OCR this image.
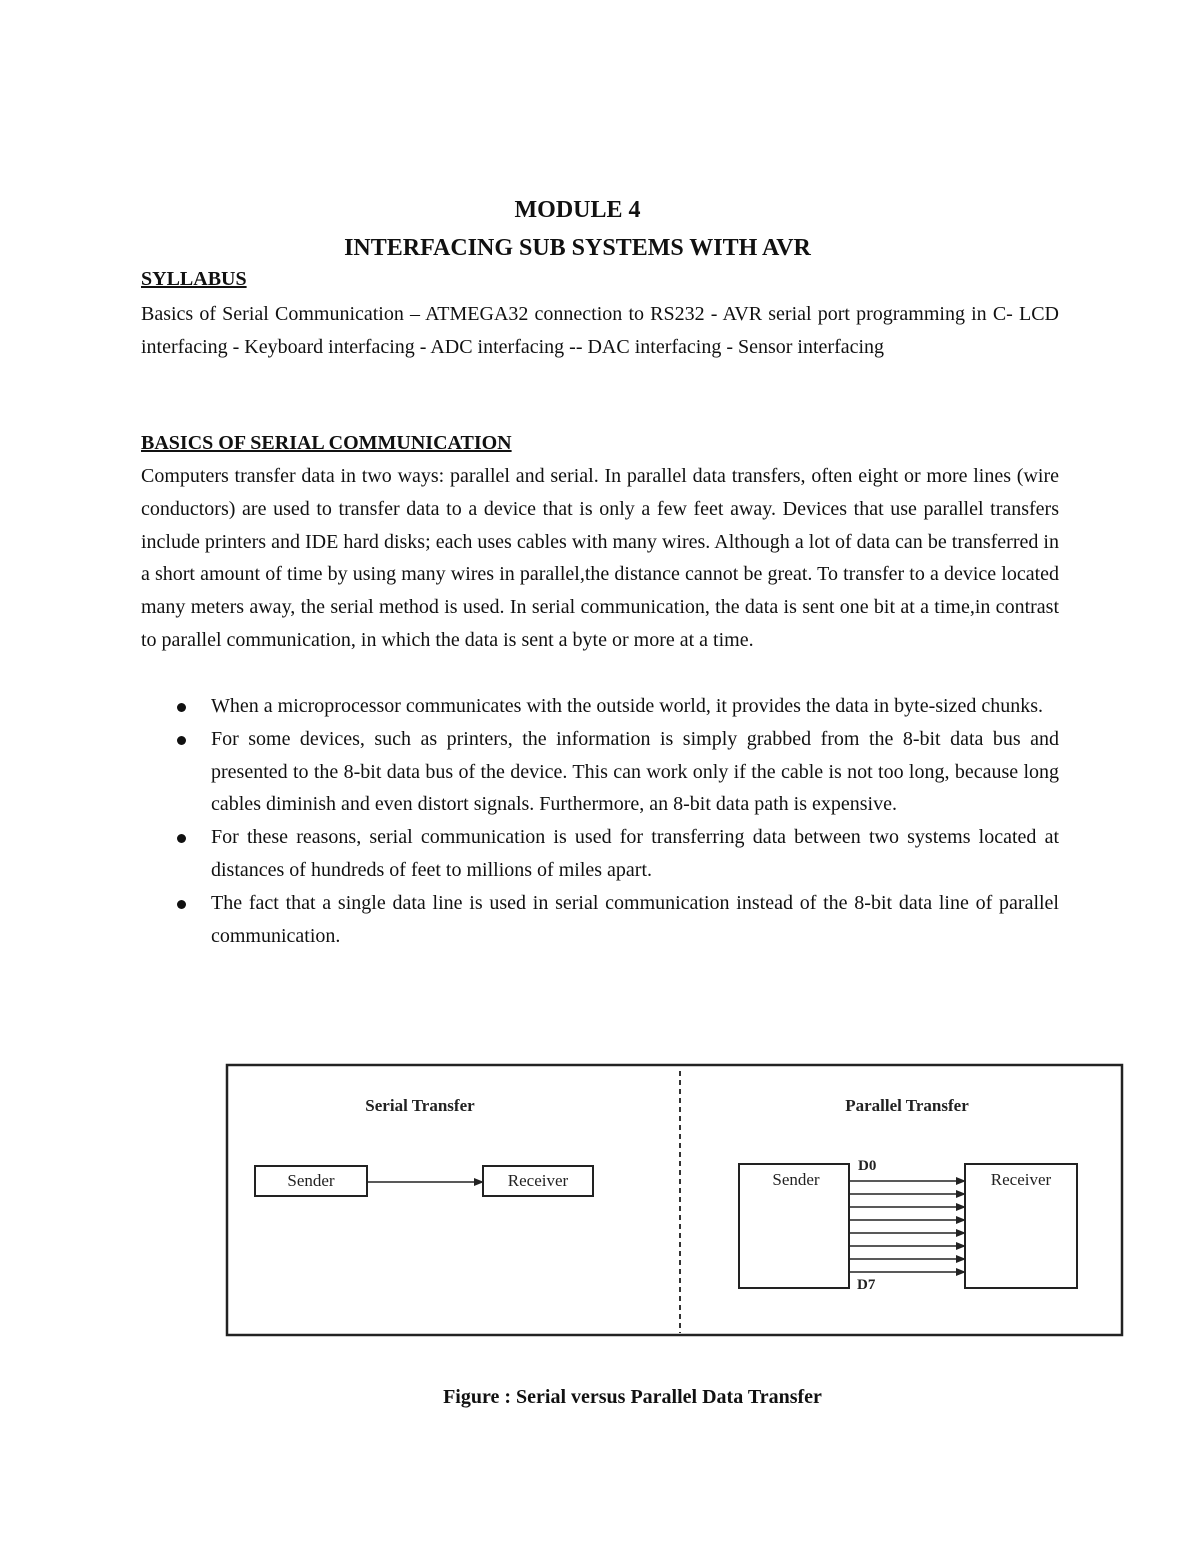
MODULE 4

INTERFACING SUB SYSTEMS WITH AVR

SYLLABUS

Basics of Serial Communication – ATMEGA32 connection to RS232 - AVR serial port programming in C- LCD interfacing - Keyboard interfacing - ADC interfacing -- DAC interfacing - Sensor interfacing

BASICS OF SERIAL COMMUNICATION

Computers transfer data in two ways: parallel and serial. In parallel data transfers, often eight or more lines (wire conductors) are used to transfer data to a device that is only a few feet away. Devices that use parallel transfers include printers and IDE hard disks; each uses cables with many wires. Although a lot of data can be transferred in a short amount of time by using many wires in parallel,the distance cannot be great. To transfer to a device located many meters away, the serial method is used. In serial communication, the data is sent one bit at a time,in contrast to parallel communication, in which the data is sent a byte or more at a time.

When a microprocessor communicates with the outside world, it provides the data in byte-sized chunks.
For some devices, such as printers, the information is simply grabbed from the 8-bit data bus and presented to the 8-bit data bus of the device. This can work only if the cable is not too long, because long cables diminish and even distort signals. Furthermore, an 8-bit data path is expensive.
For these reasons, serial communication is used for transferring data between two systems located at distances of hundreds of feet to millions of miles apart.
The fact that a single data line is used in serial communication instead of the 8-bit data line of parallel communication.
Serial Transfer
Sender	Receiver
Parallel Transfer
Sender	Receiver
D0
D7

Figure : Serial versus Parallel Data Transfer
